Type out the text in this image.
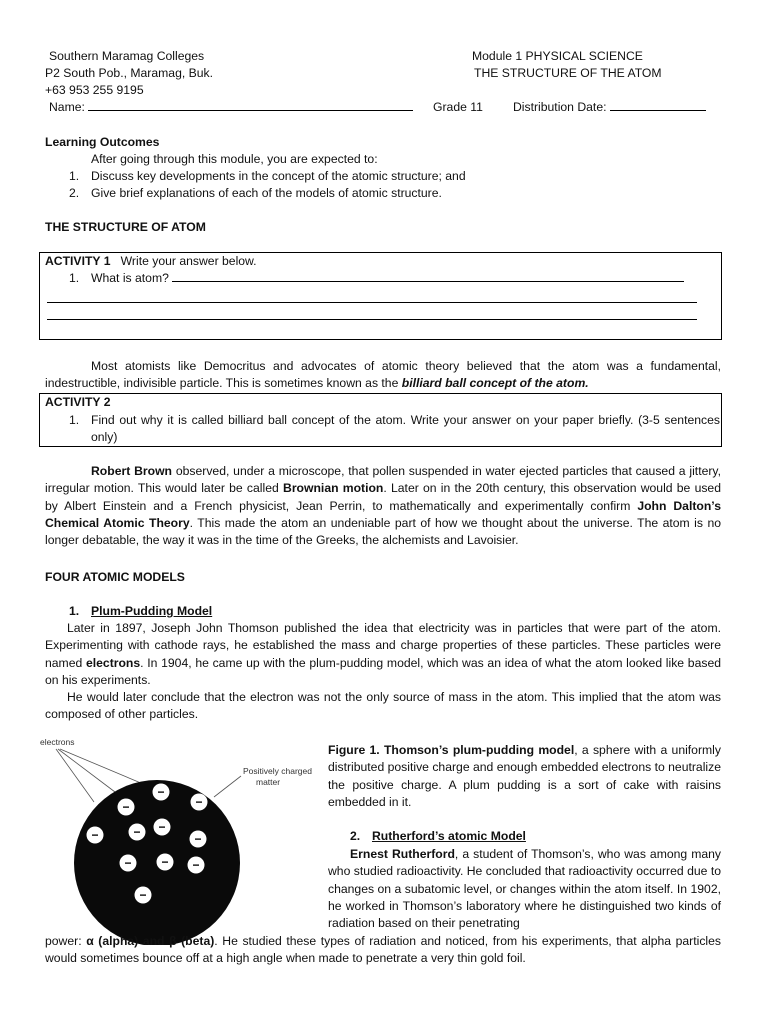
Southern Maramag Colleges
P2 South Pob., Maramag, Buk.
+63 953 255 9195
Name:
Module 1 PHYSICAL SCIENCE
THE STRUCTURE OF THE ATOM
Grade 11 Distribution Date:
Learning Outcomes
After going through this module, you are expected to:
1. Discuss key developments in the concept of the atomic structure; and
2. Give brief explanations of each of the models of atomic structure.
THE STRUCTURE OF ATOM
ACTIVITY 1 Write your answer below.
1. What is atom?
Most atomists like Democritus and advocates of atomic theory believed that the atom was a fundamental, indestructible, indivisible particle. This is sometimes known as the billiard ball concept of the atom.
ACTIVITY 2
1. Find out why it is called billiard ball concept of the atom. Write your answer on your paper briefly. (3-5 sentences only)
Robert Brown observed, under a microscope, that pollen suspended in water ejected particles that caused a jittery, irregular motion. This would later be called Brownian motion. Later on in the 20th century, this observation would be used by Albert Einstein and a French physicist, Jean Perrin, to mathematically and experimentally confirm John Dalton’s Chemical Atomic Theory. This made the atom an undeniable part of how we thought about the universe. The atom is no longer debatable, the way it was in the time of the Greeks, the alchemists and Lavoisier.
FOUR ATOMIC MODELS
1. Plum-Pudding Model
Later in 1897, Joseph John Thomson published the idea that electricity was in particles that were part of the atom. Experimenting with cathode rays, he established the mass and charge properties of these particles. These particles were named electrons. In 1904, he came up with the plum-pudding model, which was an idea of what the atom looked like based on his experiments.
He would later conclude that the electron was not the only source of mass in the atom. This implied that the atom was composed of other particles.
electrons
Positively charged
matter
−
−
−
−	−
−
−
− − −
−
Figure 1. Thomson’s plum-pudding model, a sphere with a uniformly distributed positive charge and enough embedded electrons to neutralize the positive charge. A plum pudding is a sort of cake with raisins embedded in it.
2. Rutherford’s atomic Model
Ernest Rutherford, a student of Thomson’s, who was among many who studied radioactivity. He concluded that radioactivity occurred due to changes on a subatomic level, or changes within the atom itself. In 1902, he worked in Thomson’s laboratory where he distinguished two kinds of radiation based on their penetrating
power: α (alpha) and β (beta). He studied these types of radiation and noticed, from his experiments, that alpha particles would sometimes bounce off at a high angle when made to penetrate a very thin gold foil.
